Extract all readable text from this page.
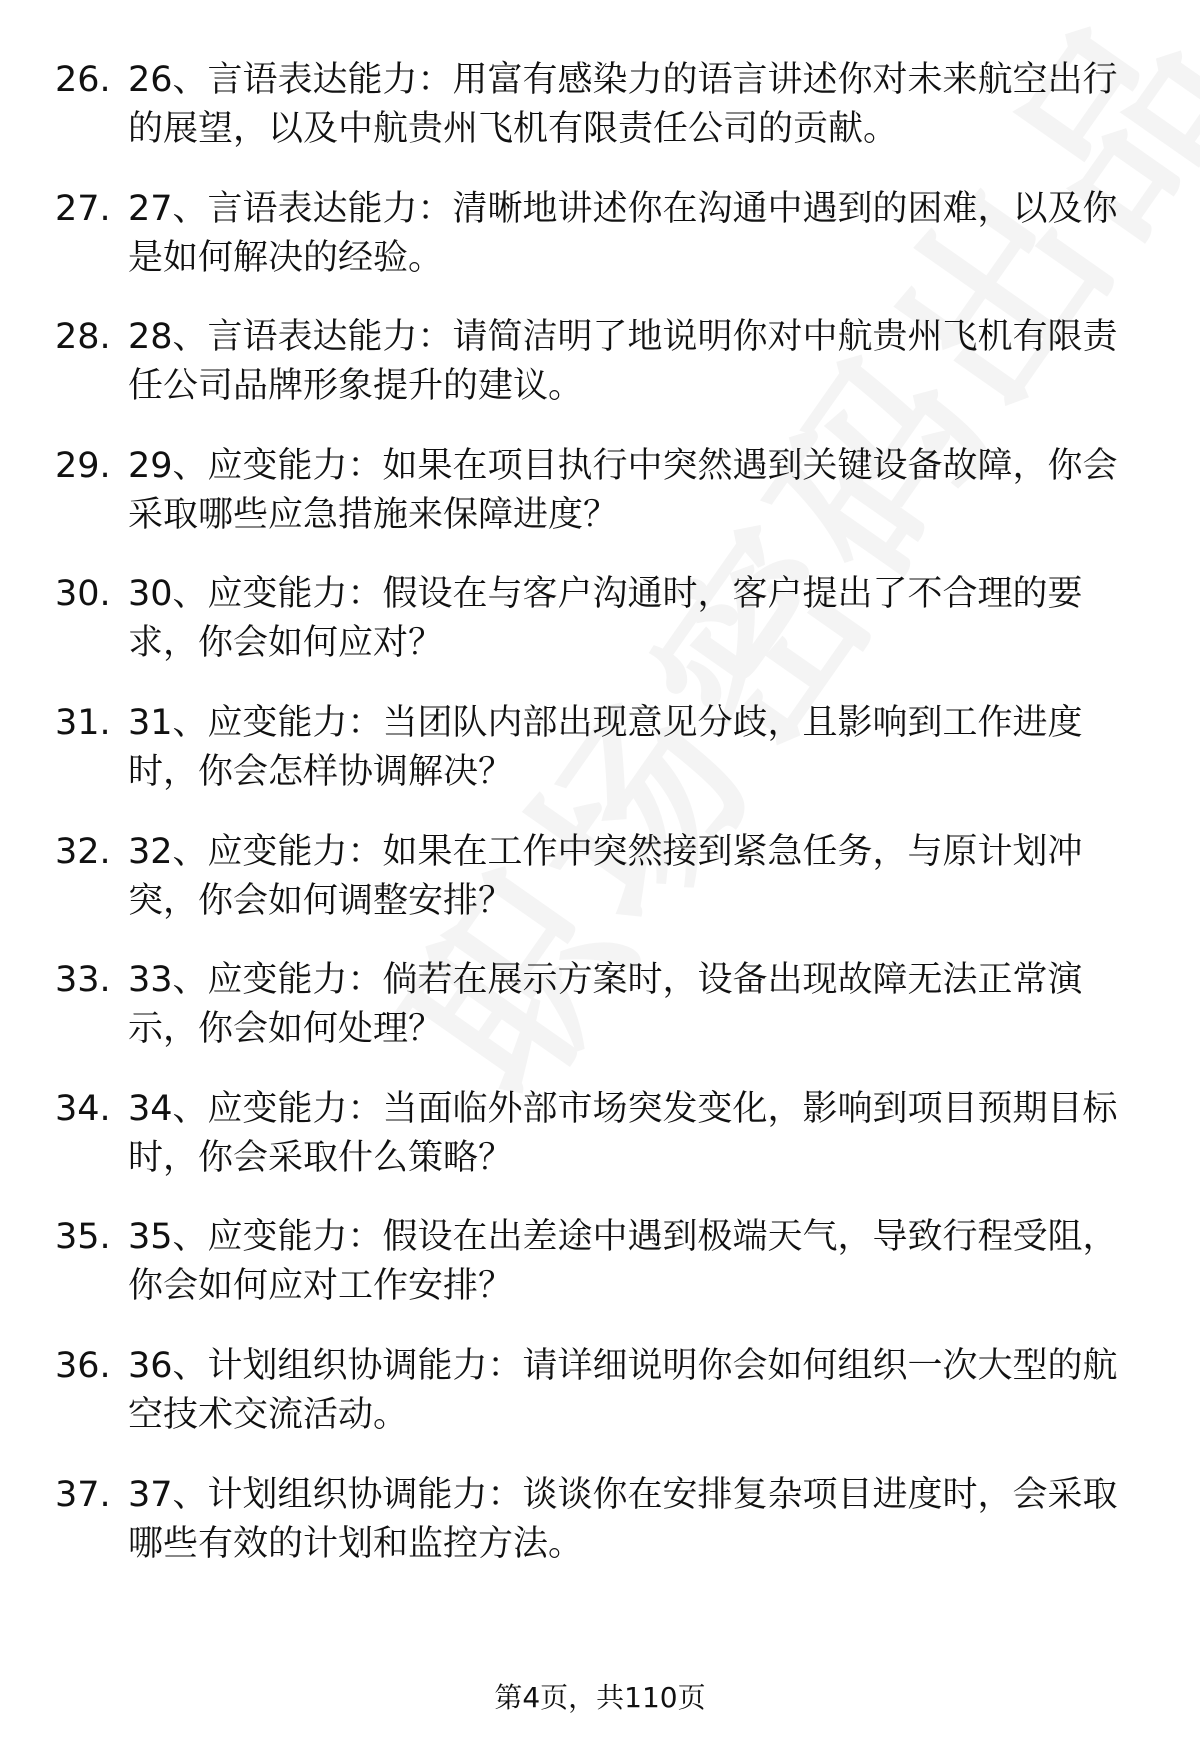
26. 26、言语表达能力：用富有感染力的语言讲述你对未来航空出行的展望，以及中航贵州飞机有限责任公司的贡献。
27. 27、言语表达能力：清晰地讲述你在沟通中遇到的困难，以及你是如何解决的经验。
28. 28、言语表达能力：请简洁明了地说明你对中航贵州飞机有限责任公司品牌形象提升的建议。
29. 29、应变能力：如果在项目执行中突然遇到关键设备故障，你会采取哪些应急措施来保障进度？
30. 30、应变能力：假设在与客户沟通时，客户提出了不合理的要求，你会如何应对？
31. 31、应变能力：当团队内部出现意见分歧，且影响到工作进度时，你会怎样协调解决？
32. 32、应变能力：如果在工作中突然接到紧急任务，与原计划冲突，你会如何调整安排？
33. 33、应变能力：倘若在展示方案时，设备出现故障无法正常演示，你会如何处理？
34. 34、应变能力：当面临外部市场突发变化，影响到项目预期目标时，你会采取什么策略？
35. 35、应变能力：假设在出差途中遇到极端天气，导致行程受阻，你会如何应对工作安排？
36. 36、计划组织协调能力：请详细说明你会如何组织一次大型的航空技术交流活动。
37. 37、计划组织协调能力：谈谈你在安排复杂项目进度时，会采取哪些有效的计划和监控方法。
第4页，共110页
